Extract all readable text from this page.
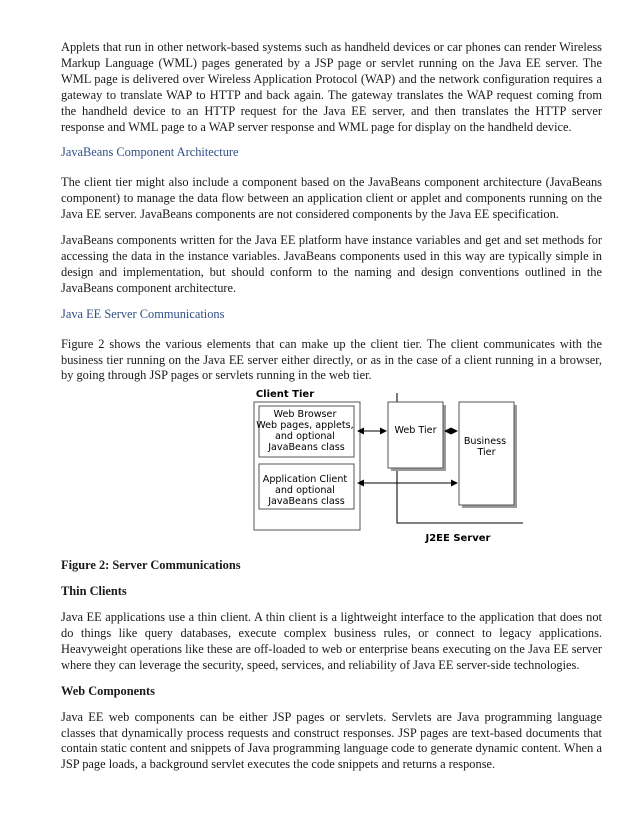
Applets that run in other network-based systems such as handheld devices or car phones can render Wireless Markup Language (WML) pages generated by a JSP page or servlet running on the Java EE server. The WML page is delivered over Wireless Application Protocol (WAP) and the network configuration requires a gateway to translate WAP to HTTP and back again. The gateway translates the WAP request coming from the handheld device to an HTTP request for the Java EE server, and then translates the HTTP server response and WML page to a WAP server response and WML page for display on the handheld device.

JavaBeans Component Architecture

The client tier might also include a component based on the JavaBeans component architecture (JavaBeans component) to manage the data flow between an application client or applet and components running on the Java EE server. JavaBeans components are not considered components by the Java EE specification.

JavaBeans components written for the Java EE platform have instance variables and get and set methods for accessing the data in the instance variables. JavaBeans components used in this way are typically simple in design and implementation, but should conform to the naming and design conventions outlined in the JavaBeans component architecture.

Java EE Server Communications

Figure 2 shows the various elements that can make up the client tier. The client communicates with the business tier running on the Java EE server either directly, or as in the case of a client running in a browser, by going through JSP pages or servlets running in the web tier.

Client Tier
Web Browser Web pages, applets, and optional JavaBeans class
Application Client and optional JavaBeans class
Web Tier
Business Tier
J2EE Server

Figure 2: Server Communications

Thin Clients

Java EE applications use a thin client. A thin client is a lightweight interface to the application that does not do things like query databases, execute complex business rules, or connect to legacy applications. Heavyweight operations like these are off-loaded to web or enterprise beans executing on the Java EE server where they can leverage the security, speed, services, and reliability of Java EE server-side technologies.

Web Components

Java EE web components can be either JSP pages or servlets. Servlets are Java programming language classes that dynamically process requests and construct responses. JSP pages are text-based documents that contain static content and snippets of Java programming language code to generate dynamic content. When a JSP page loads, a background servlet executes the code snippets and returns a response.
